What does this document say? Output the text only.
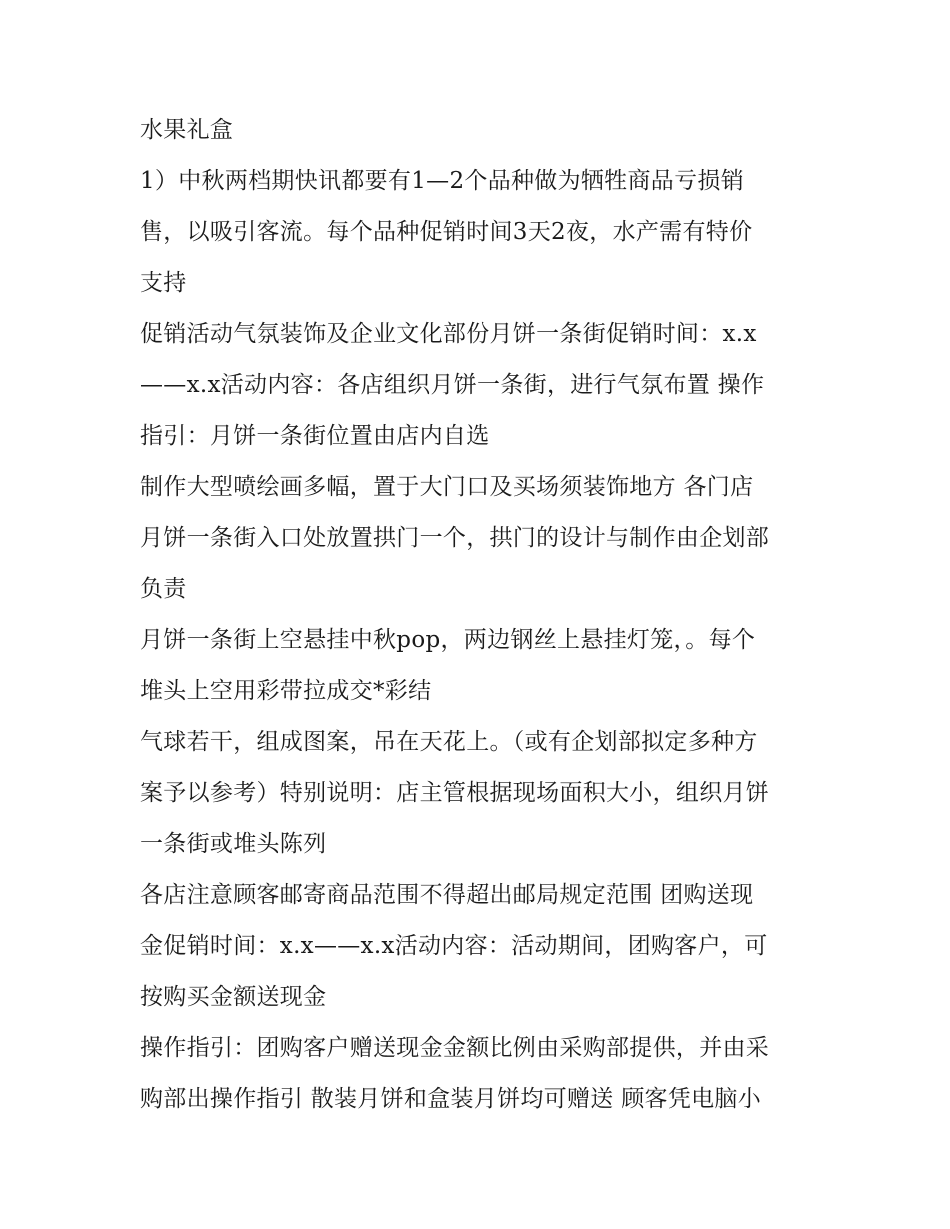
水果礼盒
1）中秋两档期快讯都要有1—2个品种做为牺牲商品亏损销
售，以吸引客流。每个品种促销时间3天2夜，水产需有特价
支持
促销活动气氛装饰及企业文化部份月饼一条街促销时间：x.x
——x.x活动内容：各店组织月饼一条街，进行气氛布置 操作
指引：月饼一条街位置由店内自选
制作大型喷绘画多幅，置于大门口及买场须装饰地方 各门店
月饼一条街入口处放置拱门一个，拱门的设计与制作由企划部
负责
月饼一条街上空悬挂中秋pop，两边钢丝上悬挂灯笼，。每个
堆头上空用彩带拉成交*彩结
气球若干，组成图案，吊在天花上。（或有企划部拟定多种方
案予以参考）特别说明：店主管根据现场面积大小，组织月饼
一条街或堆头陈列
各店注意顾客邮寄商品范围不得超出邮局规定范围 团购送现
金促销时间：x.x——x.x活动内容：活动期间，团购客户，可
按购买金额送现金
操作指引：团购客户赠送现金金额比例由采购部提供，并由采
购部出操作指引 散装月饼和盒装月饼均可赠送 顾客凭电脑小
